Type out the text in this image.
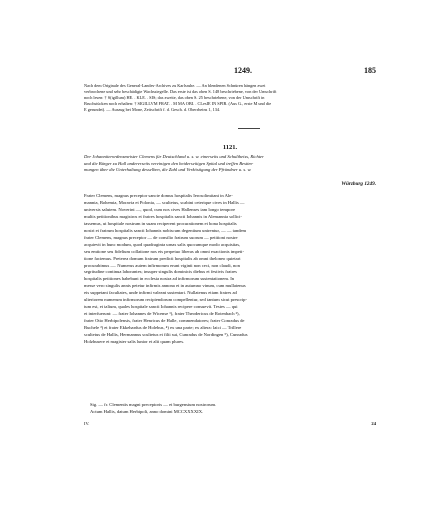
1249.	185
Nach dem Originale des General-Landes-Archives zu Karlsruhe. — An blendenen Schnüren hängen zwei
verbrochene und sehr beschädigte Wachssiegelle. Das erste ist das oben S. 148 beschriebene, von der Umschrift
noch lesen: † S(igillum) HE. . KLE. . SIS; das zweite, das oben S. 25 beschriebene, von der Umschrift in
Bruchstücken noch erhalten: † SIGILLVM FRAT. . M MA OBI. . CLesIE IN SPIR. (Aus G., erste M und die
E gerundet). — Auszug bei Mone, Zeitschrift f. d. Gesch. d. Oberrheins 1, 134.
1121.
Der Johanniterordensmeister Clemens für Deutschland u. s. w. einerseits und Schultheiss, Richter
und die Bürger zu Hall andererseits vereinigen den beiderseitigen Spital und treffen Bestim-
mungen über die Unterhaltung desselben, die Zahl und Verköstigung der Pfründner u. s. w.
Würzburg 1249.
Frater Clemens, magnus preceptor sancte domus hospitalis Ierosolimitani in Ale-
mannia, Bohemia, Moravia et Polonia, — scultetus, scabini ceterique cives in Hallis —
universis salutem. Noverint —, quod, cum nos cives Hallenses iam longo tempore
multis petitionibus magistros et fratres hospitalis sancti Iohannis in Alemannia sollici-
tassemus, ut hospitale nostrum in suam reciperent procurationem et bona hospitalis
nostri et fratrum hospitalis sancti Iohannis nobiscum degentium unirentur, — — tandem
frater Clemens, magnus preceptor — de consilio fratrum suorum — petitioni nostre
acquievit in hunc modum, quod quadraginta urnas salis quocumque modo acquisitas,
seu emtione seu fidelium collatione nos eis perpetuo liberas ab omni exactionis impeti-
tione faciemus. Preterea domum fratrum predicti hospitalis ab omni theloneo quietari
procurabimus —. Numerus autem infirmorum erunt viginti non ceci, non claudi, non
segritudine continua laborantes; insuper singulis dominicis diebus et festivis fratres
hospitalis petitiones habebunt in ecclesia nostra ad infirmorum sustentationem. In
messe vero singulis annis petetur infirmis annona et in autumno vinum, cum mullatenus
eis suppetant facultates, unde infirmi valeant sustentari. Nullatenus etiam fratres ad
ulteriorem numerum infirmorum recipiendorum compellentur, sed tantum sicut prescrip-
tum est, et talium, quales hospitale sancti Iohannis recipere consuevit. Testes — qui
et interfuerunt: — frater Iohannes de Wicense ¹), frater Theodericus de Rotenbach ²),
frater Otto Herbipolensis, frater Henricus de Halle, commendatores; frater Conradus de
Buchele ³) et frater Ekkehardus de Holebus, ⁴) ex una parte; ex altera: laici — Trillere
scultetus de Hallis, Hermannus scultetus et filii sui, Cunradus de Nordingen ⁵), Cunradus
Holzhusere et magister salis lunior et alii quam plures.
Sig. — fr. Clementis magni preceptoris — et burgensium nostrorum.
Actum Hallis, datum Herbipoli, anno domini MCCXXXXIX.
IV.	24
